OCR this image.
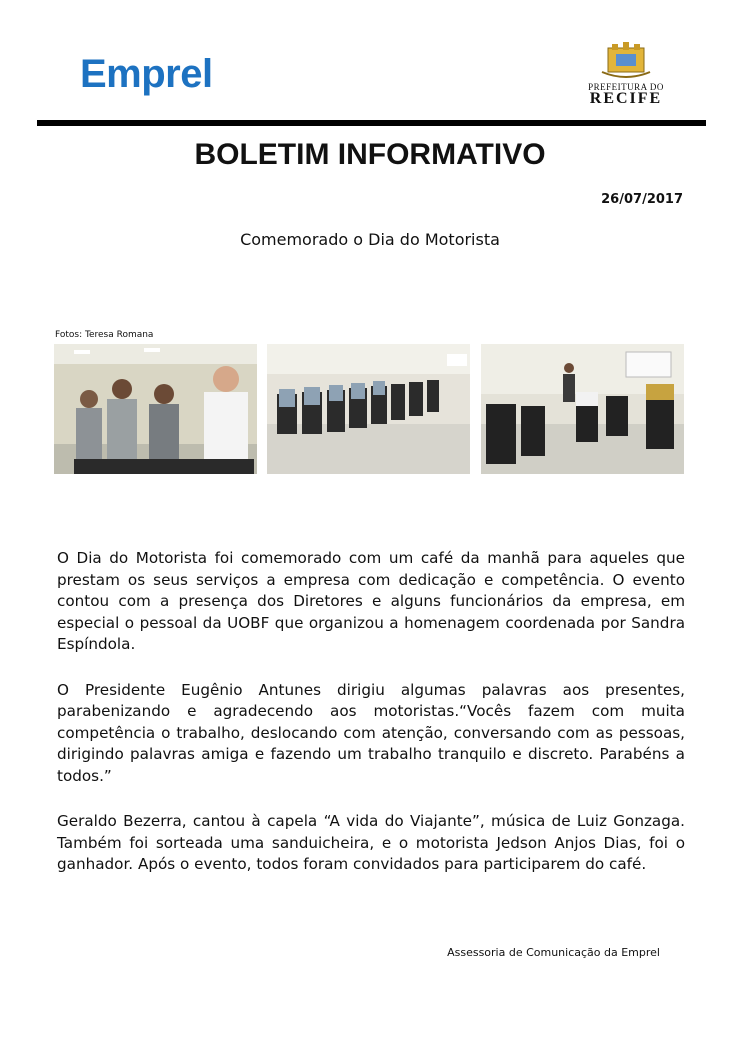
Emprel	PREFEITURA DO
RECIFE
BOLETIM INFORMATIVO
26/07/2017
Comemorado o Dia do Motorista
Fotos: Teresa Romana

O Dia do Motorista foi comemorado com um café da manhã para aqueles que prestam os seus serviços a empresa com dedicação e competência. O evento contou com a presença dos Diretores e alguns funcionários da empresa, em especial o pessoal da UOBF que organizou a homenagem coordenada por Sandra Espíndola.

O Presidente Eugênio Antunes dirigiu algumas palavras aos presentes, parabenizando e agradecendo aos motoristas.“Vocês fazem com muita competência o trabalho, deslocando com atenção, conversando com as pessoas, dirigindo palavras amiga e fazendo um trabalho tranquilo e discreto. Parabéns a todos.”

Geraldo Bezerra, cantou à capela “A vida do Viajante”, música de Luiz Gonzaga. Também foi sorteada uma sanduicheira, e o motorista Jedson Anjos Dias, foi o ganhador. Após o evento, todos foram convidados para participarem do café.

Assessoria de Comunicação da Emprel
